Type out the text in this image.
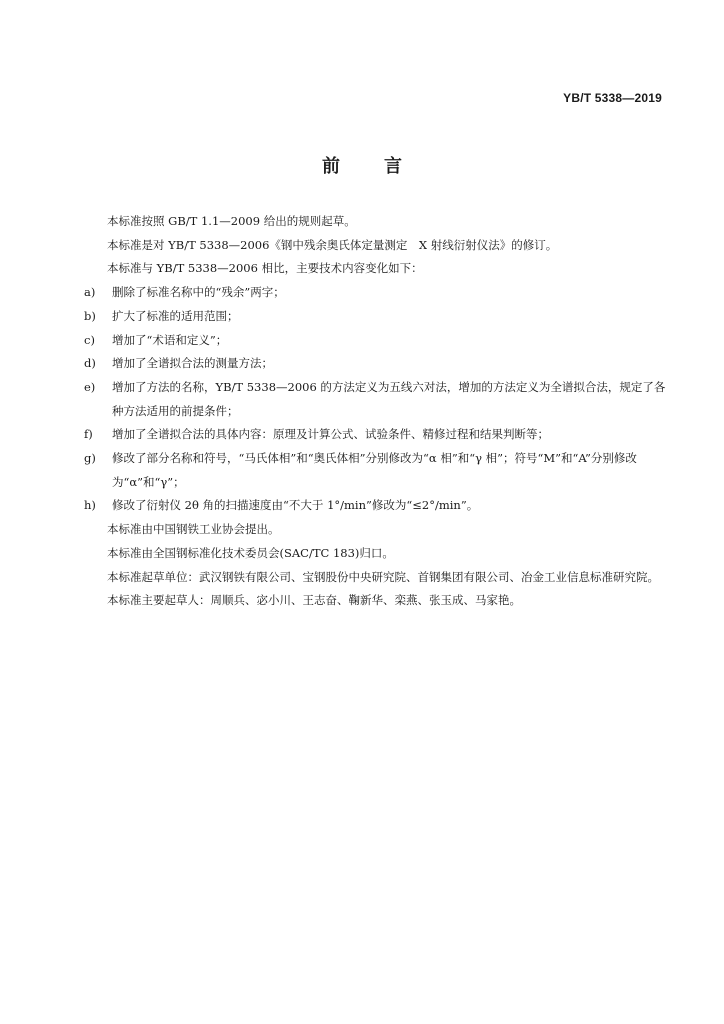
YB/T 5338—2019
前 言

本标准按照 GB/T 1.1—2009 给出的规则起草。

本标准是对 YB/T 5338—2006《钢中残余奥氏体定量测定　X 射线衍射仪法》的修订。

本标准与 YB/T 5338—2006 相比，主要技术内容变化如下：

a)	删除了标准名称中的“残余”两字；
b)	扩大了标准的适用范围；
c)	增加了“术语和定义”；
d)	增加了全谱拟合法的测量方法；
e)	增加了方法的名称，YB/T 5338—2006 的方法定义为五线六对法，增加的方法定义为全谱拟合法，规定了各种方法适用的前提条件；
f)	增加了全谱拟合法的具体内容：原理及计算公式、试验条件、精修过程和结果判断等；
g)	修改了部分名称和符号，“马氏体相”和“奥氏体相”分别修改为“α 相”和“γ 相”；符号“M”和“A”分别修改为“α”和“γ”；
h)	修改了衍射仪 2θ 角的扫描速度由“不大于 1°/min”修改为“≤2°/min”。

本标准由中国钢铁工业协会提出。

本标准由全国钢标准化技术委员会(SAC/TC 183)归口。

本标准起草单位：武汉钢铁有限公司、宝钢股份中央研究院、首钢集团有限公司、冶金工业信息标准研究院。

本标准主要起草人：周顺兵、宓小川、王志奋、鞠新华、栾燕、张玉成、马家艳。
